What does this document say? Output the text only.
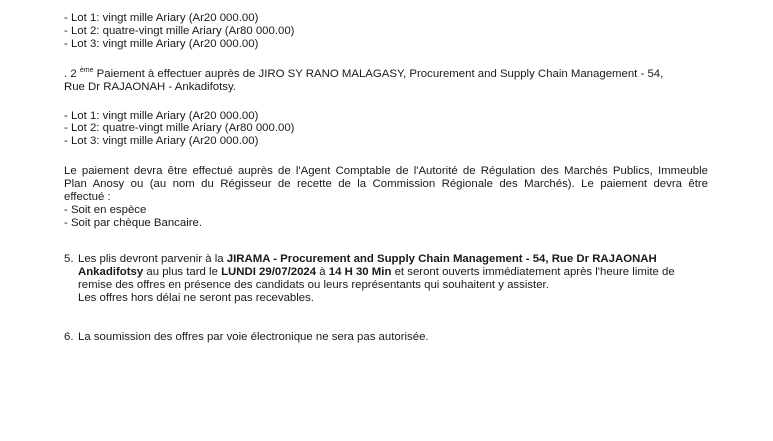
- Lot 1: vingt mille Ariary (Ar20 000.00)
- Lot 2: quatre-vingt mille Ariary (Ar80 000.00)
- Lot 3: vingt mille Ariary (Ar20 000.00)
. 2 $^{ème}$ Paiement à effectuer auprès de JIRO SY RANO MALAGASY, Procurement and Supply Chain Management - 54,
Rue Dr RAJAONAH - Ankadifotsy.
- Lot 1: vingt mille Ariary (Ar20 000.00)
- Lot 2: quatre-vingt mille Ariary (Ar80 000.00)
- Lot 3: vingt mille Ariary (Ar20 000.00)
Le paiement devra être effectué auprès de l'Agent Comptable de l'Autorité de Régulation des Marchés Publics, Immeuble
Plan Anosy ou (au nom du Régisseur de recette de la Commission Régionale des Marchés). Le paiement devra être
effectué :
- Soit en espèce
- Soit par chèque Bancaire.
5. Les plis devront parvenir à la JIRAMA - Procurement and Supply Chain Management - 54, Rue Dr RAJAONAH
Ankadifotsy au plus tard le LUNDI 29/07/2024 à 14 H 30 Min et seront ouverts immédiatement après l'heure limite de
remise des offres en présence des candidats ou leurs représentants qui souhaitent y assister.
Les offres hors délai ne seront pas recevables.
6. La soumission des offres par voie électronique ne sera pas autorisée.
